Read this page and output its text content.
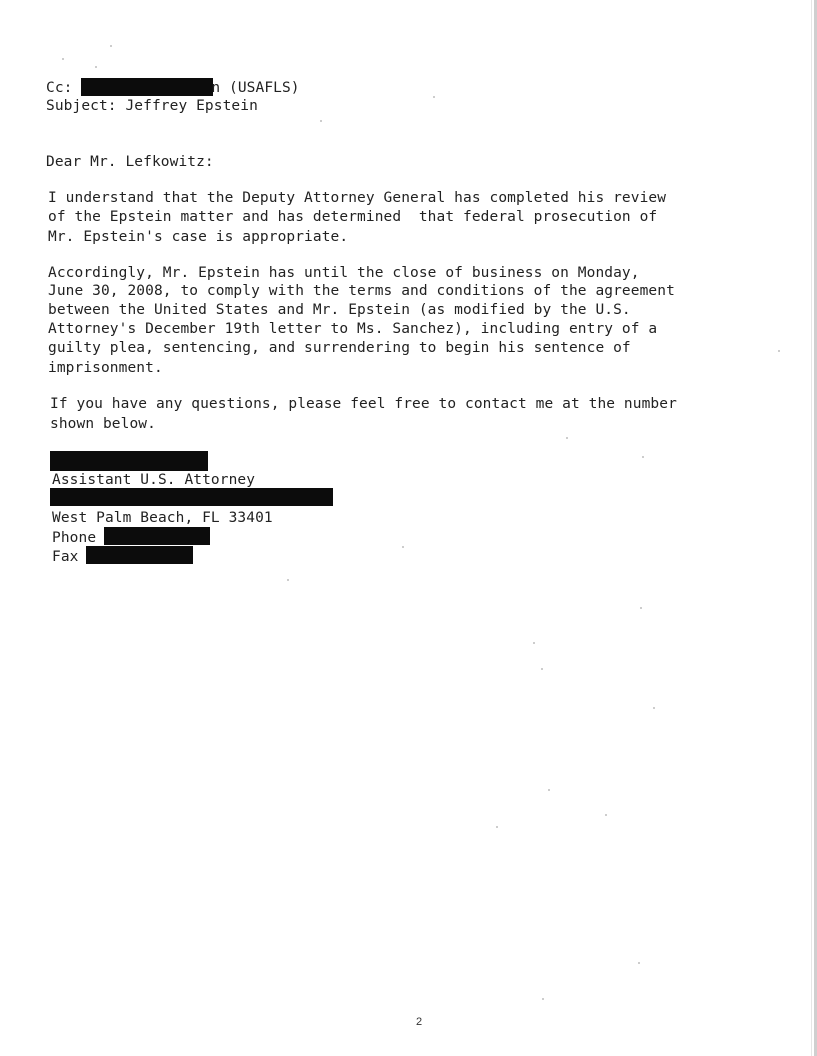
Cc:	n (USAFLS)
Subject: Jeffrey Epstein
Dear Mr. Lefkowitz:
I understand that the Deputy Attorney General has completed his review
of the Epstein matter and has determined  that federal prosecution of
Mr. Epstein's case is appropriate.
Accordingly, Mr. Epstein has until the close of business on Monday,
June 30, 2008, to comply with the terms and conditions of the agreement
between the United States and Mr. Epstein (as modified by the U.S.
Attorney's December 19th letter to Ms. Sanchez), including entry of a
guilty plea, sentencing, and surrendering to begin his sentence of
imprisonment.
If you have any questions, please feel free to contact me at the number
shown below.
Assistant U.S. Attorney
West Palm Beach, FL 33401
Phone
Fax
2
